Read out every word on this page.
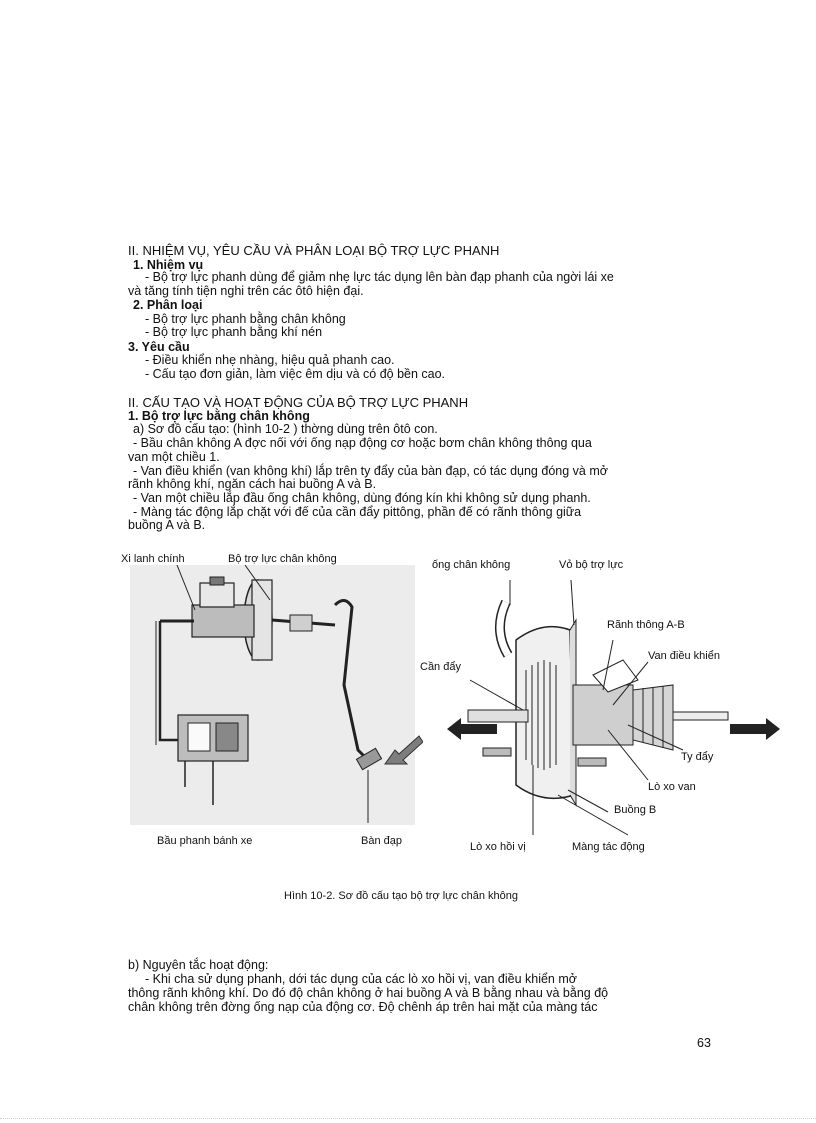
II. NHIỆM VỤ, YÊU CẦU VÀ PHÂN LOẠI BỘ TRỢ LỰC PHANH
1. Nhiệm vụ
- Bộ trợ lực phanh dùng để giảm nhẹ lực tác dụng lên bàn đạp phanh của ngời lái xe
và tăng tính tiện nghi trên các ôtô hiện đại.
2. Phân loại
- Bộ trợ lực phanh bằng chân không
- Bộ trợ lực phanh bằng khí nén
3. Yêu cầu
- Điều khiển nhẹ nhàng, hiệu quả phanh cao.
- Cấu tạo đơn giản, làm việc êm dịu và có độ bền cao.
II. CẤU TẠO VÀ HOẠT ĐỘNG CỦA BỘ TRỢ LỰC PHANH
1. Bộ trợ lực bằng chân không
a) Sơ đồ cấu tạo: (hình 10-2 ) thờng dùng trên ôtô con.
- Bầu chân không A đợc nối với ống nạp động cơ hoặc bơm chân không thông qua
van một chiều 1.
- Van điều khiển (van không khí) lắp trên ty đẩy của bàn đạp, có tác dụng đóng và mở
rãnh không khí, ngăn cách hai buồng A và B.
- Van một chiều lắp đầu ống chân không, dùng đóng kín khi không sử dụng phanh.
- Màng tác động lắp chặt với đế của cần đẩy pittông, phần đế có rãnh thông giữa
buồng A và B.
Xi lanh chính	Bộ trợ lực chân không
Bầu phanh bánh xe	Bàn đạp
ống chân không	Vỏ bộ trợ lực
Rãnh thông A-B
Van điều khiển
Cần đẩy
Ty đẩy
Lò xo van
Buồng B
Lò xo hồi vị	Màng tác động
Hình 10-2. Sơ đồ cấu tạo bộ trợ lực chân không
b) Nguyên tắc hoạt động:
- Khi cha sử dụng phanh, dới tác dụng của các lò xo hồi vị, van điều khiển mở
thông rãnh không khí. Do đó độ chân không ở hai buồng A và B bằng nhau và bằng độ
chân không trên đờng ống nạp của động cơ. Độ chênh áp trên hai mặt của màng tác
63
